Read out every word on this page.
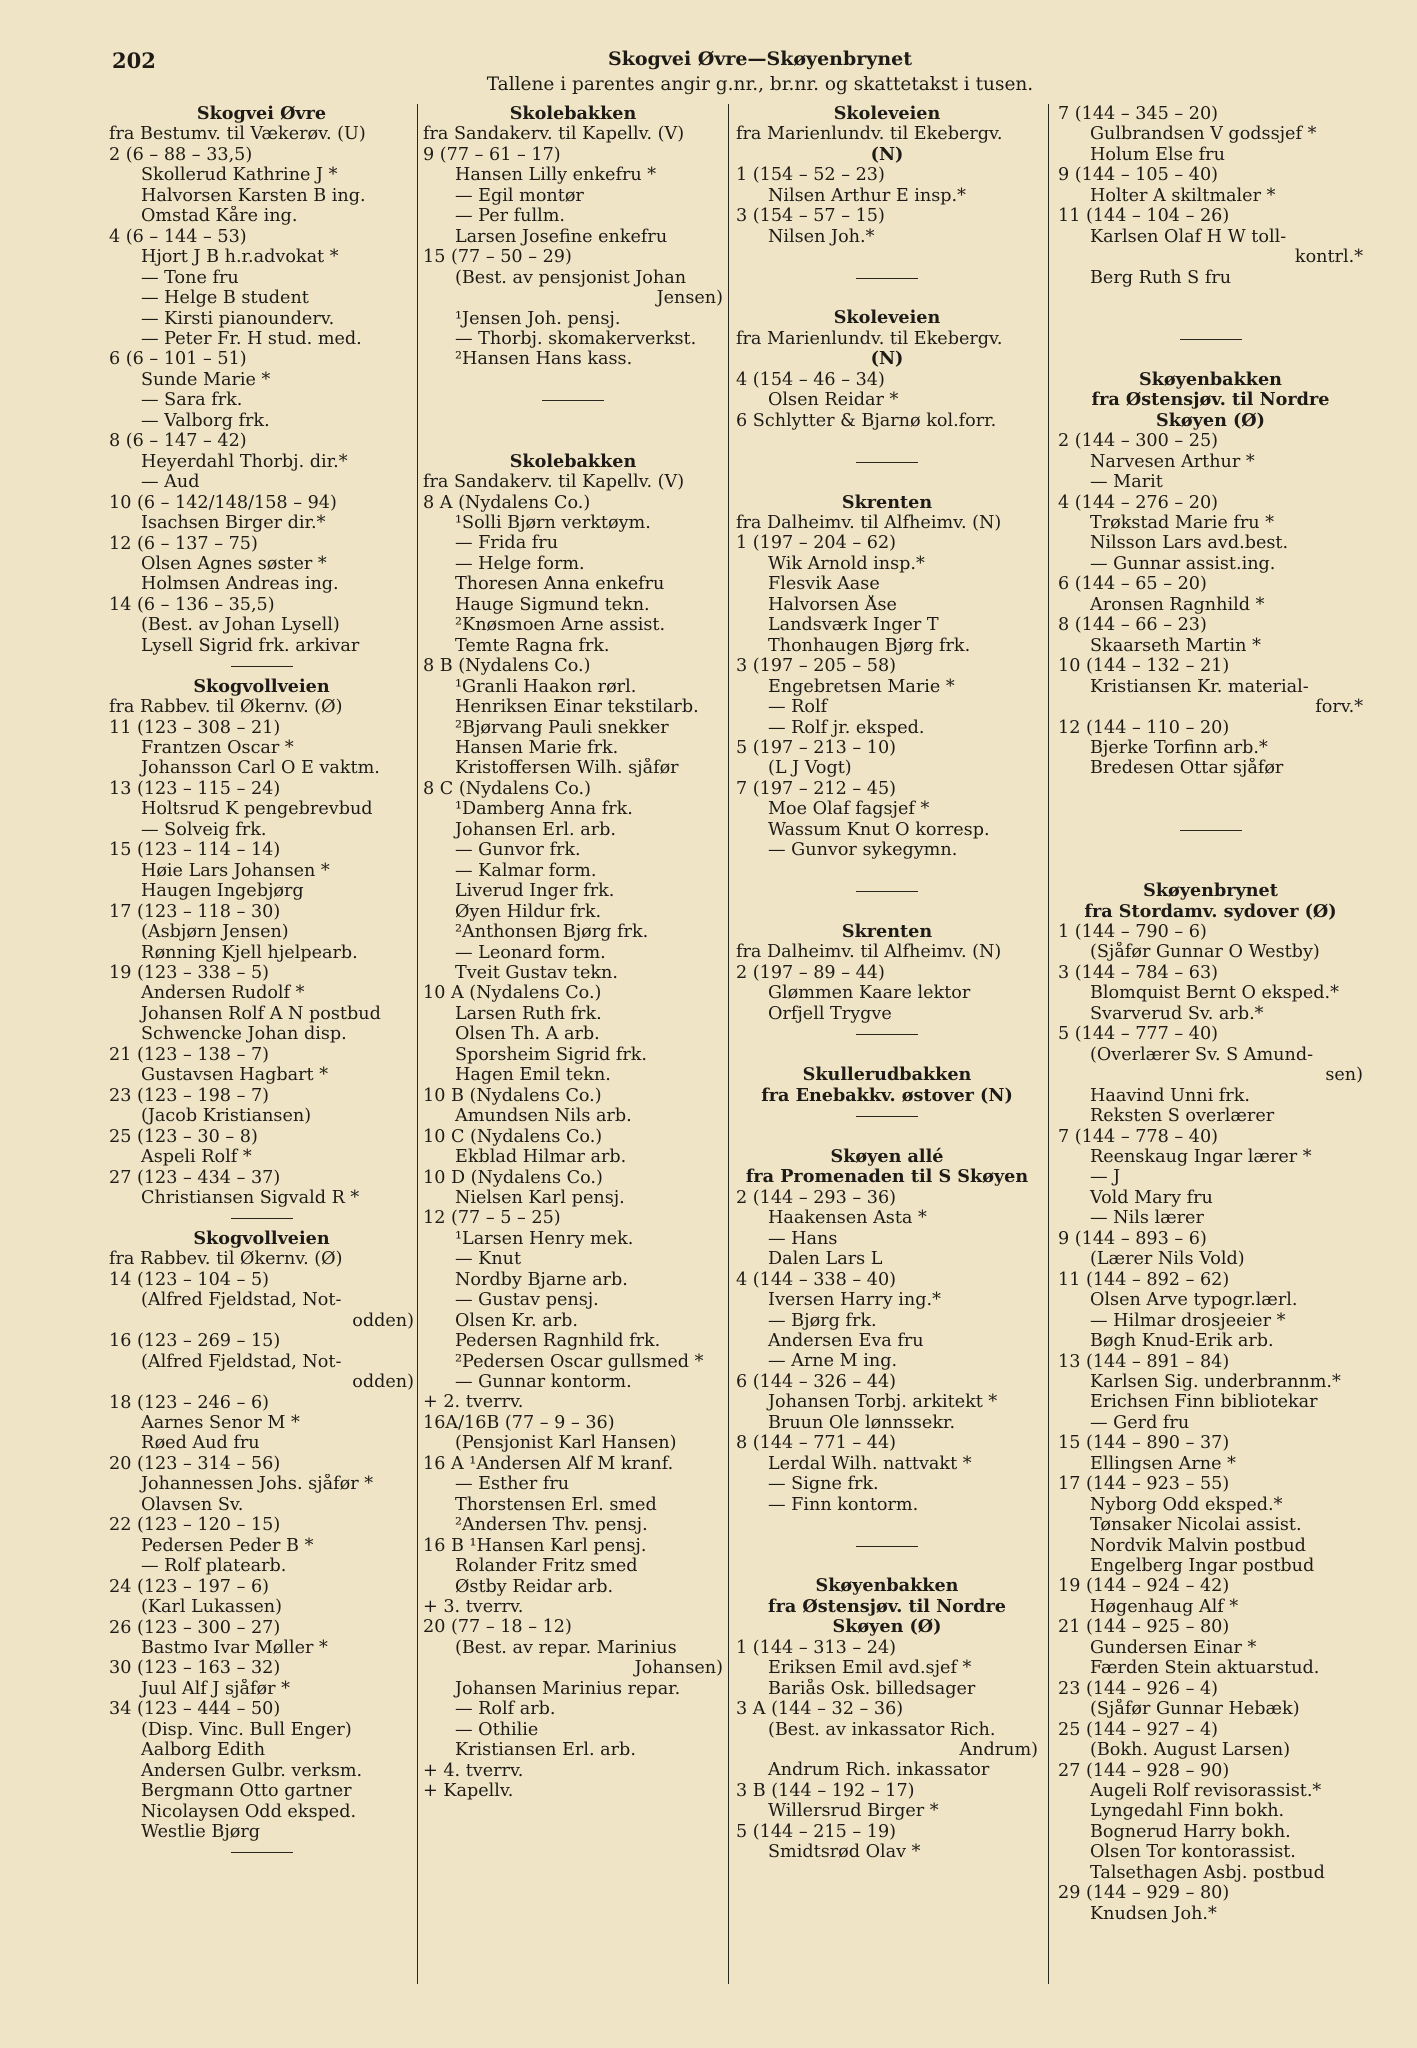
202	Skogvei Øvre—Skøyenbrynet
Tallene i parentes angir g.nr., br.nr. og skattetakst i tusen.
Skogvei Øvre
fra Bestumv. til Vækerøv. (U)
2 (6 – 88 – 33,5)
Skollerud Kathrine J *
Halvorsen Karsten B ing.
Omstad Kåre ing.
4 (6 – 144 – 53)
Hjort J B h.r.advokat *
— Tone fru
— Helge B student
— Kirsti pianounderv.
— Peter Fr. H stud. med.
6 (6 – 101 – 51)
Sunde Marie *
— Sara frk.
— Valborg frk.
8 (6 – 147 – 42)
Heyerdahl Thorbj. dir.*
— Aud
10 (6 – 142/148/158 – 94)
Isachsen Birger dir.*
12 (6 – 137 – 75)
Olsen Agnes søster *
Holmsen Andreas ing.
14 (6 – 136 – 35,5)
(Best. av Johan Lysell)
Lysell Sigrid frk. arkivar
Skogvollveien
fra Rabbev. til Økernv. (Ø)
11 (123 – 308 – 21)
Frantzen Oscar *
Johansson Carl O E vaktm.
13 (123 – 115 – 24)
Holtsrud K pengebrevbud
— Solveig frk.
15 (123 – 114 – 14)
Høie Lars Johansen *
Haugen Ingebjørg
17 (123 – 118 – 30)
(Asbjørn Jensen)
Rønning Kjell hjelpearb.
19 (123 – 338 – 5)
Andersen Rudolf *
Johansen Rolf A N postbud
Schwencke Johan disp.
21 (123 – 138 – 7)
Gustavsen Hagbart *
23 (123 – 198 – 7)
(Jacob Kristiansen)
25 (123 – 30 – 8)
Aspeli Rolf *
27 (123 – 434 – 37)
Christiansen Sigvald R *
Skogvollveien
fra Rabbev. til Økernv. (Ø)
14 (123 – 104 – 5)
(Alfred Fjeldstad, Not-
odden)
16 (123 – 269 – 15)
(Alfred Fjeldstad, Not-
odden)
18 (123 – 246 – 6)
Aarnes Senor M *
Røed Aud fru
20 (123 – 314 – 56)
Johannessen Johs. sjåfør *
Olavsen Sv.
22 (123 – 120 – 15)
Pedersen Peder B *
— Rolf platearb.
24 (123 – 197 – 6)
(Karl Lukassen)
26 (123 – 300 – 27)
Bastmo Ivar Møller *
30 (123 – 163 – 32)
Juul Alf J sjåfør *
34 (123 – 444 – 50)
(Disp. Vinc. Bull Enger)
Aalborg Edith
Andersen Gulbr. verksm.
Bergmann Otto gartner
Nicolaysen Odd eksped.
Westlie Bjørg
Skolebakken
fra Sandakerv. til Kapellv. (V)
9 (77 – 61 – 17)
Hansen Lilly enkefru *
— Egil montør
— Per fullm.
Larsen Josefine enkefru
15 (77 – 50 – 29)
(Best. av pensjonist Johan
Jensen)
¹Jensen Joh. pensj.
— Thorbj. skomakerverkst.
²Hansen Hans kass.
Skolebakken
fra Sandakerv. til Kapellv. (V)
8 A (Nydalens Co.)
¹Solli Bjørn verktøym.
— Frida fru
— Helge form.
Thoresen Anna enkefru
Hauge Sigmund tekn.
²Knøsmoen Arne assist.
Temte Ragna frk.
8 B (Nydalens Co.)
¹Granli Haakon rørl.
Henriksen Einar tekstilarb.
²Bjørvang Pauli snekker
Hansen Marie frk.
Kristoffersen Wilh. sjåfør
8 C (Nydalens Co.)
¹Damberg Anna frk.
Johansen Erl. arb.
— Gunvor frk.
— Kalmar form.
Liverud Inger frk.
Øyen Hildur frk.
²Anthonsen Bjørg frk.
— Leonard form.
Tveit Gustav tekn.
10 A (Nydalens Co.)
Larsen Ruth frk.
Olsen Th. A arb.
Sporsheim Sigrid frk.
Hagen Emil tekn.
10 B (Nydalens Co.)
Amundsen Nils arb.
10 C (Nydalens Co.)
Ekblad Hilmar arb.
10 D (Nydalens Co.)
Nielsen Karl pensj.
12 (77 – 5 – 25)
¹Larsen Henry mek.
— Knut
Nordby Bjarne arb.
— Gustav pensj.
Olsen Kr. arb.
Pedersen Ragnhild frk.
²Pedersen Oscar gullsmed *
— Gunnar kontorm.
+ 2. tverrv.
16A/16B (77 – 9 – 36)
(Pensjonist Karl Hansen)
16 A ¹Andersen Alf M kranf.
— Esther fru
Thorstensen Erl. smed
²Andersen Thv. pensj.
16 B ¹Hansen Karl pensj.
Rolander Fritz smed
Østby Reidar arb.
+ 3. tverrv.
20 (77 – 18 – 12)
(Best. av repar. Marinius
Johansen)
Johansen Marinius repar.
— Rolf arb.
— Othilie
Kristiansen Erl. arb.
+ 4. tverrv.
+ Kapellv.
Skoleveien
fra Marienlundv. til Ekebergv.
(N)
1 (154 – 52 – 23)
Nilsen Arthur E insp.*
3 (154 – 57 – 15)
Nilsen Joh.*
Skoleveien
fra Marienlundv. til Ekebergv.
(N)
4 (154 – 46 – 34)
Olsen Reidar *
6 Schlytter & Bjarnø kol.forr.
Skrenten
fra Dalheimv. til Alfheimv. (N)
1 (197 – 204 – 62)
Wik Arnold insp.*
Flesvik Aase
Halvorsen Åse
Landsværk Inger T
Thonhaugen Bjørg frk.
3 (197 – 205 – 58)
Engebretsen Marie *
— Rolf
— Rolf jr. eksped.
5 (197 – 213 – 10)
(L J Vogt)
7 (197 – 212 – 45)
Moe Olaf fagsjef *
Wassum Knut O korresp.
— Gunvor sykegymn.
Skrenten
fra Dalheimv. til Alfheimv. (N)
2 (197 – 89 – 44)
Glømmen Kaare lektor
Orfjell Trygve
Skullerudbakken
fra Enebakkv. østover (N)
Skøyen allé
fra Promenaden til S Skøyen
2 (144 – 293 – 36)
Haakensen Asta *
— Hans
Dalen Lars L
4 (144 – 338 – 40)
Iversen Harry ing.*
— Bjørg frk.
Andersen Eva fru
— Arne M ing.
6 (144 – 326 – 44)
Johansen Torbj. arkitekt *
Bruun Ole lønnssekr.
8 (144 – 771 – 44)
Lerdal Wilh. nattvakt *
— Signe frk.
— Finn kontorm.
Skøyenbakken
fra Østensjøv. til Nordre
Skøyen (Ø)
1 (144 – 313 – 24)
Eriksen Emil avd.sjef *
Bariås Osk. billedsager
3 A (144 – 32 – 36)
(Best. av inkassator Rich.
Andrum)
Andrum Rich. inkassator
3 B (144 – 192 – 17)
Willersrud Birger *
5 (144 – 215 – 19)
Smidtsrød Olav *
7 (144 – 345 – 20)
Gulbrandsen V godssjef *
Holum Else fru
9 (144 – 105 – 40)
Holter A skiltmaler *
11 (144 – 104 – 26)
Karlsen Olaf H W toll-
kontrl.*
Berg Ruth S fru
Skøyenbakken
fra Østensjøv. til Nordre
Skøyen (Ø)
2 (144 – 300 – 25)
Narvesen Arthur *
— Marit
4 (144 – 276 – 20)
Trøkstad Marie fru *
Nilsson Lars avd.best.
— Gunnar assist.ing.
6 (144 – 65 – 20)
Aronsen Ragnhild *
8 (144 – 66 – 23)
Skaarseth Martin *
10 (144 – 132 – 21)
Kristiansen Kr. material-
forv.*
12 (144 – 110 – 20)
Bjerke Torfinn arb.*
Bredesen Ottar sjåfør
Skøyenbrynet
fra Stordamv. sydover (Ø)
1 (144 – 790 – 6)
(Sjåfør Gunnar O Westby)
3 (144 – 784 – 63)
Blomquist Bernt O eksped.*
Svarverud Sv. arb.*
5 (144 – 777 – 40)
(Overlærer Sv. S Amund-
sen)
Haavind Unni frk.
Reksten S overlærer
7 (144 – 778 – 40)
Reenskaug Ingar lærer *
— J
Vold Mary fru
— Nils lærer
9 (144 – 893 – 6)
(Lærer Nils Vold)
11 (144 – 892 – 62)
Olsen Arve typogr.lærl.
— Hilmar drosjeeier *
Bøgh Knud-Erik arb.
13 (144 – 891 – 84)
Karlsen Sig. underbrannm.*
Erichsen Finn bibliotekar
— Gerd fru
15 (144 – 890 – 37)
Ellingsen Arne *
17 (144 – 923 – 55)
Nyborg Odd eksped.*
Tønsaker Nicolai assist.
Nordvik Malvin postbud
Engelberg Ingar postbud
19 (144 – 924 – 42)
Høgenhaug Alf *
21 (144 – 925 – 80)
Gundersen Einar *
Færden Stein aktuarstud.
23 (144 – 926 – 4)
(Sjåfør Gunnar Hebæk)
25 (144 – 927 – 4)
(Bokh. August Larsen)
27 (144 – 928 – 90)
Augeli Rolf revisorassist.*
Lyngedahl Finn bokh.
Bognerud Harry bokh.
Olsen Tor kontorassist.
Talsethagen Asbj. postbud
29 (144 – 929 – 80)
Knudsen Joh.*
